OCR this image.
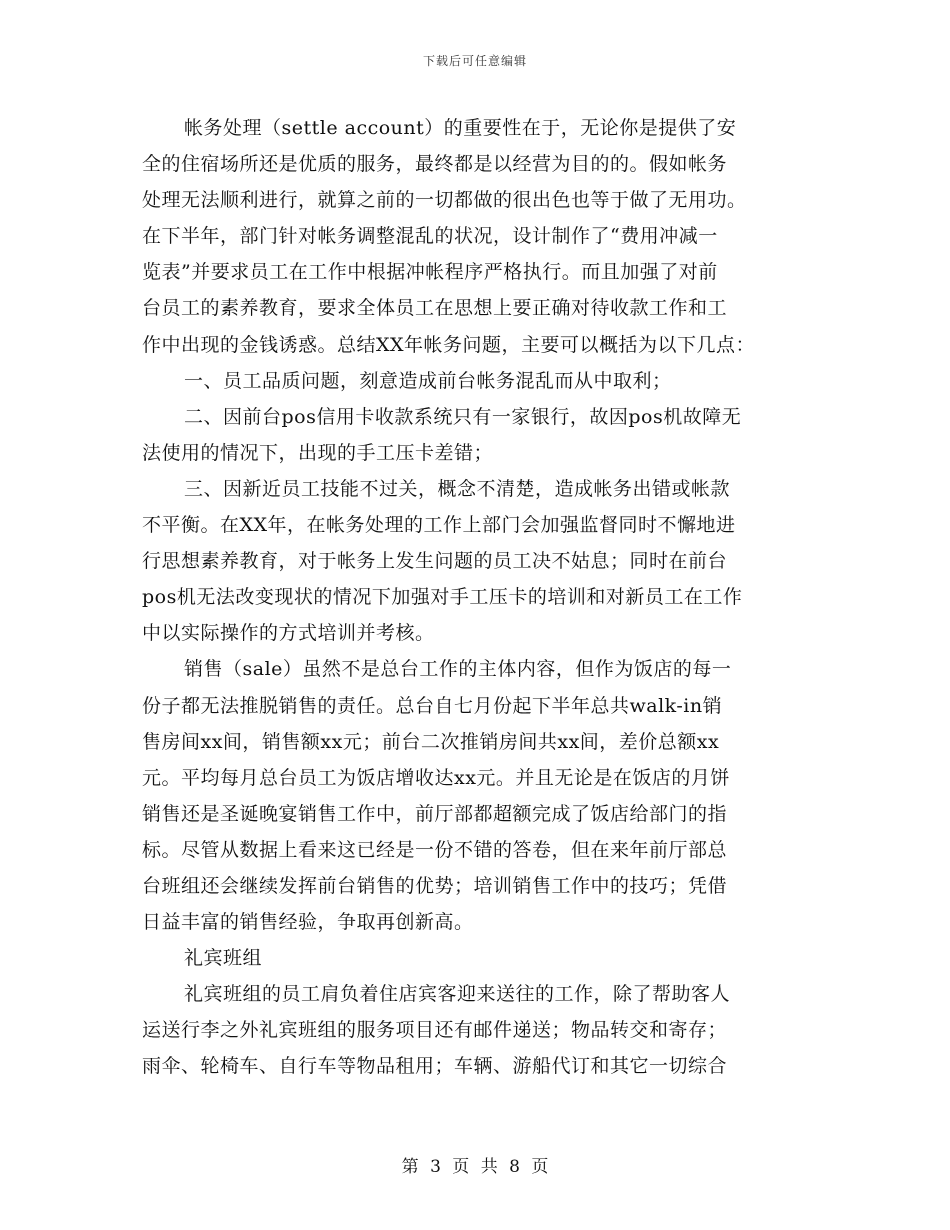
下载后可任意编辑
帐务处理（settle account）的重要性在于，无论你是提供了安
全的住宿场所还是优质的服务，最终都是以经营为目的的。假如帐务
处理无法顺利进行，就算之前的一切都做的很出色也等于做了无用功。
在下半年，部门针对帐务调整混乱的状况，设计制作了“费用冲减一
览表”并要求员工在工作中根据冲帐程序严格执行。而且加强了对前
台员工的素养教育，要求全体员工在思想上要正确对待收款工作和工
作中出现的金钱诱惑。总结XX年帐务问题，主要可以概括为以下几点：
一、员工品质问题，刻意造成前台帐务混乱而从中取利；
二、因前台pos信用卡收款系统只有一家银行，故因pos机故障无
法使用的情况下，出现的手工压卡差错；
三、因新近员工技能不过关，概念不清楚，造成帐务出错或帐款
不平衡。在XX年，在帐务处理的工作上部门会加强监督同时不懈地进
行思想素养教育，对于帐务上发生问题的员工决不姑息；同时在前台
pos机无法改变现状的情况下加强对手工压卡的培训和对新员工在工作
中以实际操作的方式培训并考核。
销售（sale）虽然不是总台工作的主体内容，但作为饭店的每一
份子都无法推脱销售的责任。总台自七月份起下半年总共walk-in销
售房间xx间，销售额xx元；前台二次推销房间共xx间，差价总额xx
元。平均每月总台员工为饭店增收达xx元。并且无论是在饭店的月饼
销售还是圣诞晚宴销售工作中，前厅部都超额完成了饭店给部门的指
标。尽管从数据上看来这已经是一份不错的答卷，但在来年前厅部总
台班组还会继续发挥前台销售的优势；培训销售工作中的技巧；凭借
日益丰富的销售经验，争取再创新高。
礼宾班组
礼宾班组的员工肩负着住店宾客迎来送往的工作，除了帮助客人
运送行李之外礼宾班组的服务项目还有邮件递送；物品转交和寄存；
雨伞、轮椅车、自行车等物品租用；车辆、游船代订和其它一切综合
第 3 页 共 8 页
